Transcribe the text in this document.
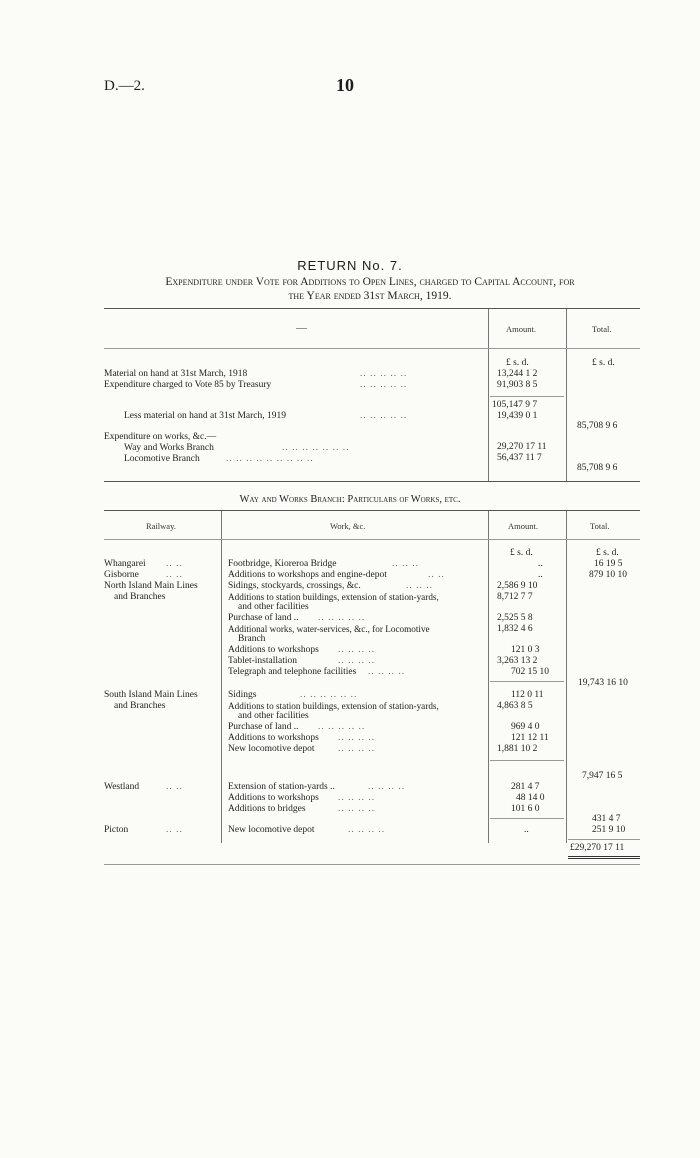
D.—2.	10
RETURN No. 7.
Expenditure under Vote for Additions to Open Lines, charged to Capital Account, for
the Year ended 31st March, 1919.
—	Amount.	Total.
£ s. d.	£ s. d.
Material on hand at 31st March, 1918	.. .. .. .. ..	13,244 1 2
Expenditure charged to Vote 85 by Treasury	.. .. .. .. ..	91,903 8 5
105,147 9 7
Less material on hand at 31st March, 1919	.. .. .. .. ..	19,439 0 1
85,708 9 6
Expenditure on works, &c.—
Way and Works Branch	.. .. .. .. .. .. ..	29,270 17 11
Locomotive Branch	.. .. .. .. .. .. .. .. ..	56,437 11 7
85,708 9 6
Way and Works Branch: Particulars of Works, etc.
Railway.	Work, &c.	Amount.	Total.
£ s. d.	£ s. d.
Whangarei .. ..	Footbridge, Kioreroa Bridge	.. .. ..	..	16 19 5
Gisborne	.. ..	Additions to workshops and engine-depot	.. ..	..	879 10 10
North Island Main Lines	Sidings, stockyards, crossings, &c.	.. .. ..	2,586 9 10
and Branches	Additions to station buildings, extension of station-yards,	8,712 7 7
and other facilities
Purchase of land .. .. .. .. .. ..	2,525 5 8
Additional works, water-services, &c., for Locomotive	1,832 4 6
Branch
Additions to workshops .. .. .. ..	121 0 3
Tablet-installation	.. .. .. ..	3,263 13 2
Telegraph and telephone facilities .. .. .. ..	702 15 10
19,743 16 10
South Island Main Lines	Sidings	.. .. .. .. .. ..	112 0 11
and Branches	Additions to station buildings, extension of station-yards,	4,863 8 5
and other facilities
Purchase of land .. .. .. .. .. ..	969 4 0
Additions to workshops .. .. .. ..	121 12 11
New locomotive depot .. .. .. ..	1,881 10 2
7,947 16 5
Westland	.. ..	Extension of station-yards ..	.. .. .. ..	281 4 7
Additions to workshops .. .. .. ..	48 14 0
Additions to bridges	.. .. .. ..	101 6 0
431 4 7
Picton	.. ..	New locomotive depot	.. .. .. ..	..	251 9 10
£29,270 17 11
